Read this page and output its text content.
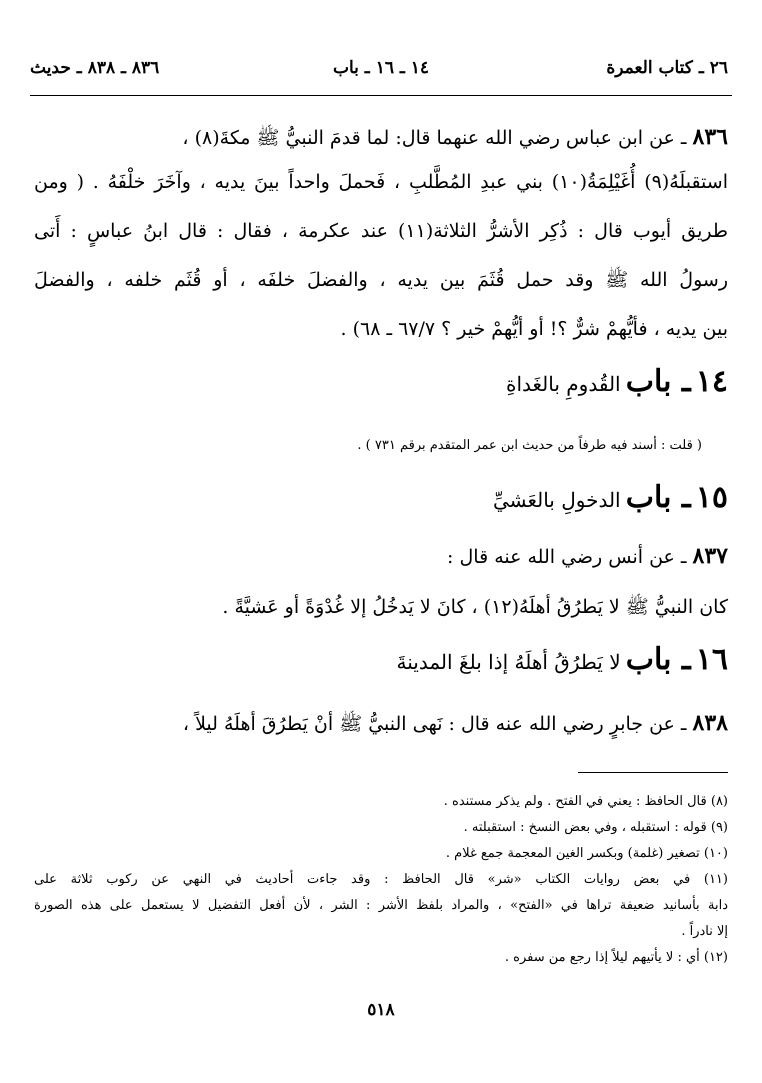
٢٦ ـ كتاب العمرة
١٤ ـ ١٦ ـ باب
٨٣٦ ـ ٨٣٨ ـ حديث
٨٣٦ ـ عن ابن عباس رضي الله عنهما قال: لما قدمَ النبيُّ ﷺ مكةَ(٨) ،
استقبلَهُ(٩) أُغَيْلِمَةُ(١٠) بني عبدِ المُطَّلبِ ، فَحملَ واحداً بينَ يديه ، وآخَرَ خلْفَهُ . ( ومن
طريق أيوب قال : ذُكِر الأشرُّ الثلاثة(١١) عند عكرمة ، فقال : قال ابنُ عباسٍ : أَتى
رسولُ الله ﷺ وقد حمل قُثَمَ بين يديه ، والفضلَ خلفَه ، أو قُثَم خلفه ، والفضلَ
بين يديه ، فأيُّهمْ شرٌّ ؟! أو أيُّهمْ خير ؟ ٦٧/٧ ـ ٦٨) .
١٤ ـ باب القُدومِ بالغَداةِ
( قلت : أسند فيه طرفاً من حديث ابن عمر المتقدم برقم ٧٣١ ) .
١٥ ـ باب الدخولِ بالعَشيِّ
٨٣٧ ـ عن أنس رضي الله عنه قال :
كان النبيُّ ﷺ لا يَطرُقُ أهلَهُ(١٢) ، كانَ لا يَدخُلُ إلا غُدْوَةً أو عَشيَّةً .
١٦ ـ باب لا يَطرُقُ أهلَهُ إذا بلغَ المدينةَ
٨٣٨ ـ عن جابرٍ رضي الله عنه قال : نَهى النبيُّ ﷺ أنْ يَطرُقَ أهلَهُ ليلاً ،
(٨) قال الحافظ : يعني في الفتح . ولم يذكر مستنده .
(٩) قوله : استقبله ، وفي بعض النسخ : استقبلته .
(١٠) تصغير (غلمة) وبكسر الغين المعجمة جمع غلام .
(١١) في بعض روايات الكتاب «شر» قال الحافظ : وقد جاءت أحاديث في النهي عن ركوب ثلاثة على
دابة بأسانيد ضعيفة تراها في «الفتح» ، والمراد بلفظ الأشر : الشر ، لأن أفعل التفضيل لا يستعمل على هذه الصورة
إلا نادراً .
(١٢) أي : لا يأتيهم ليلاً إذا رجع من سفره .
٥١٨
